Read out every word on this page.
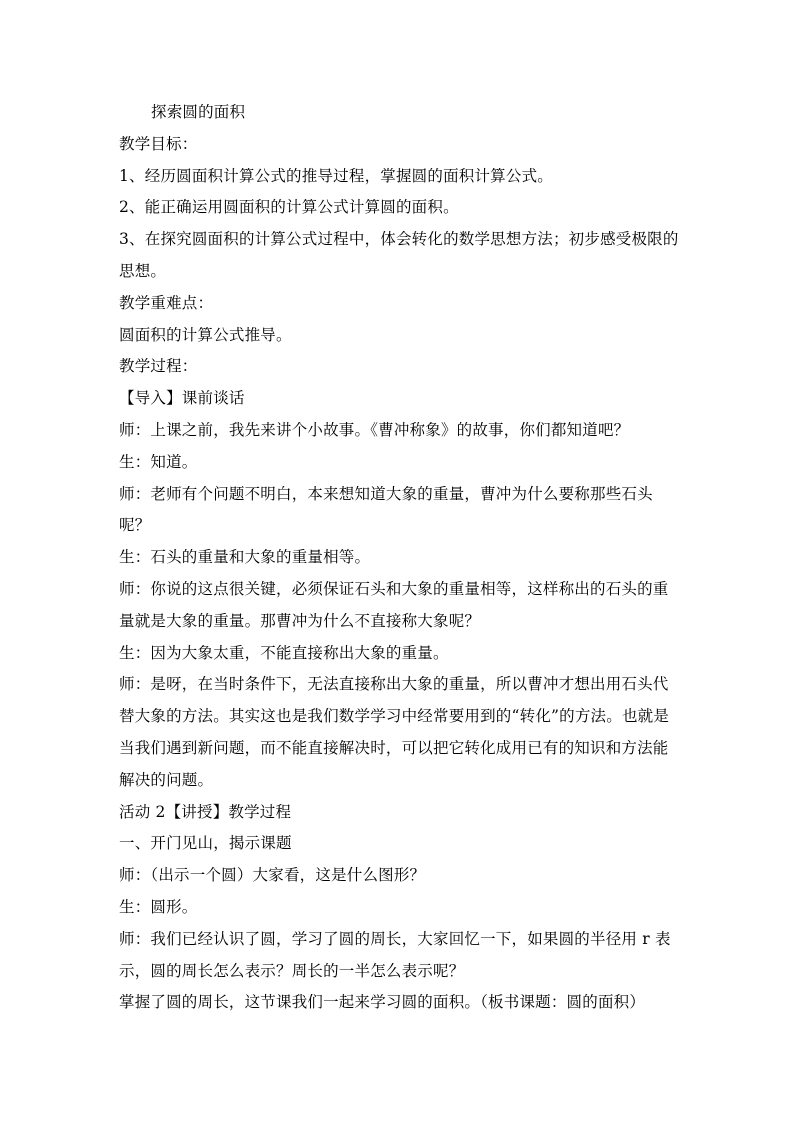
探索圆的面积

教学目标：

1、经历圆面积计算公式的推导过程，掌握圆的面积计算公式。

2、能正确运用圆面积的计算公式计算圆的面积。

3、在探究圆面积的计算公式过程中，体会转化的数学思想方法；初步感受极限的思想。

教学重难点：

圆面积的计算公式推导。

教学过程：

【导入】课前谈话

师：上课之前，我先来讲个小故事。《曹冲称象》的故事，你们都知道吧？

生：知道。

师：老师有个问题不明白，本来想知道大象的重量，曹冲为什么要称那些石头呢？

生：石头的重量和大象的重量相等。

师：你说的这点很关键，必须保证石头和大象的重量相等，这样称出的石头的重量就是大象的重量。那曹冲为什么不直接称大象呢？

生：因为大象太重，不能直接称出大象的重量。

师：是呀，在当时条件下，无法直接称出大象的重量，所以曹冲才想出用石头代替大象的方法。其实这也是我们数学学习中经常要用到的“转化”的方法。也就是当我们遇到新问题，而不能直接解决时，可以把它转化成用已有的知识和方法能解决的问题。

活动 2【讲授】教学过程

一、开门见山，揭示课题

师：（出示一个圆）大家看，这是什么图形？

生：圆形。

师：我们已经认识了圆，学习了圆的周长，大家回忆一下，如果圆的半径用 r 表示，圆的周长怎么表示？周长的一半怎么表示呢？

掌握了圆的周长，这节课我们一起来学习圆的面积。（板书课题：圆的面积）
